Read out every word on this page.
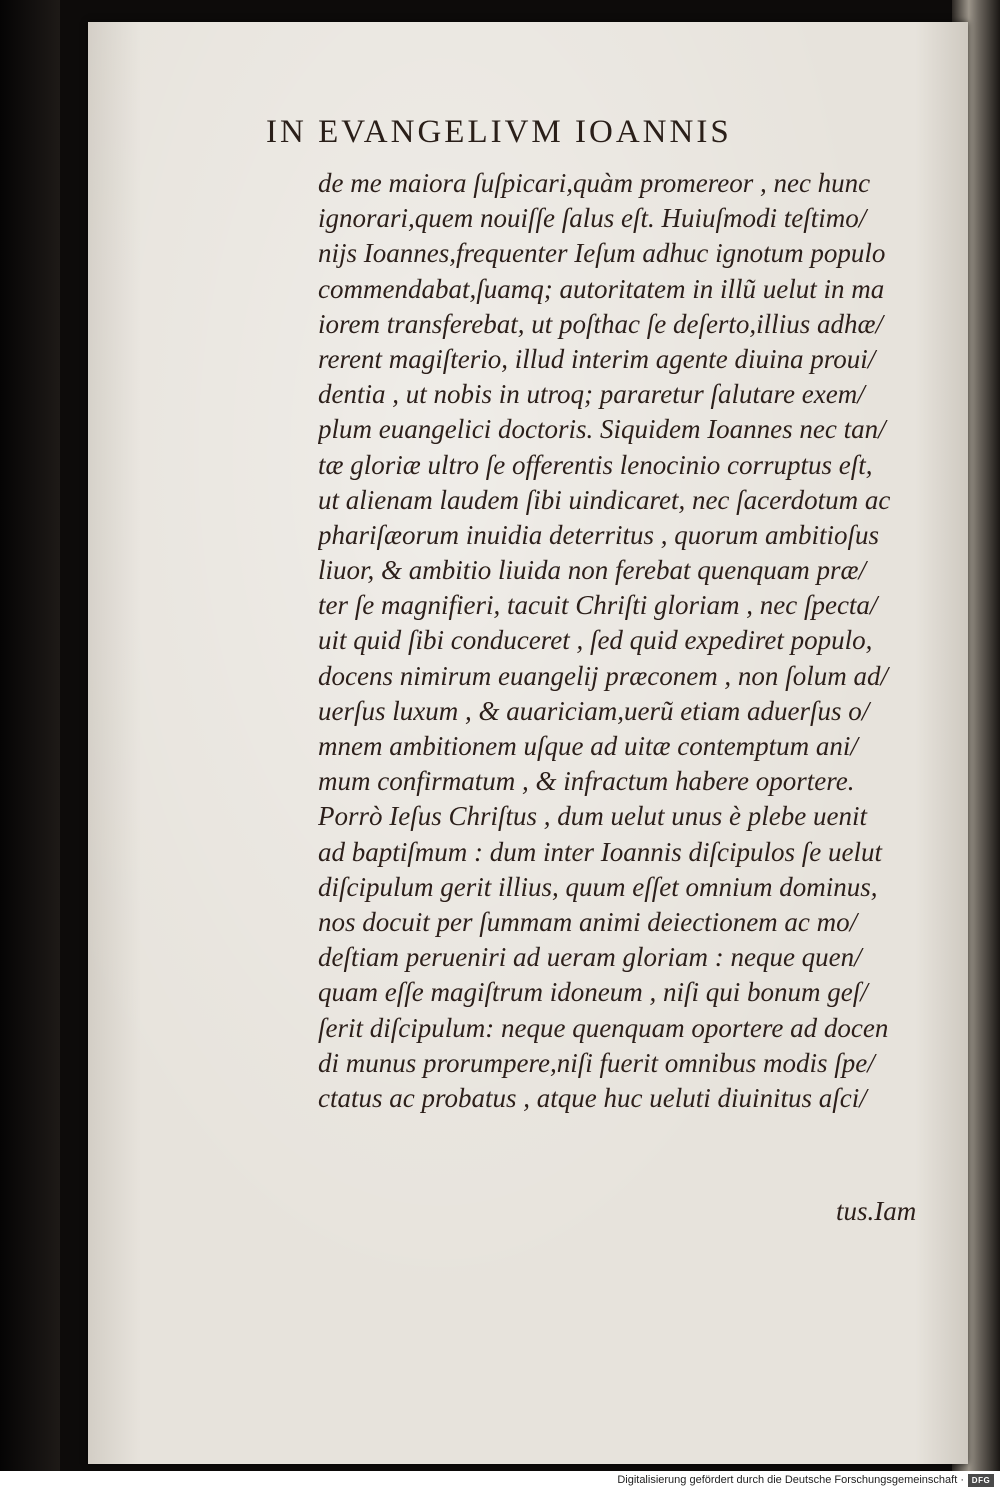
IN EVANGELIVM IOANNIS
de me maiora ſuſpicari,quàm promereor , nec hunc
ignorari,quem nouiſſe ſalus eſt. Huiuſmodi teſtimo/
nijs Ioannes,frequenter Ieſum adhuc ignotum populo
commendabat,ſuamq; autoritatem in illũ uelut in ma
iorem transferebat, ut poſthac ſe deſerto,illius adhæ/
rerent magiſterio, illud interim agente diuina proui/
dentia , ut nobis in utroq; pararetur ſalutare exem/
plum euangelici doctoris. Siquidem Ioannes nec tan/
tæ gloriæ ultro ſe offerentis lenocinio corruptus eſt,
ut alienam laudem ſibi uindicaret, nec ſacerdotum ac
phariſæorum inuidia deterritus , quorum ambitioſus
liuor, & ambitio liuida non ferebat quenquam præ/
ter ſe magnifieri, tacuit Chriſti gloriam , nec ſpecta/
uit quid ſibi conduceret , ſed quid expediret populo,
docens nimirum euangelij præconem , non ſolum ad/
uerſus luxum , & auariciam,uerũ etiam aduerſus o/
mnem ambitionem uſque ad uitæ contemptum ani/
mum confirmatum , & infractum habere oportere.
Porrò Ieſus Chriſtus , dum uelut unus è plebe uenit
ad baptiſmum : dum inter Ioannis diſcipulos ſe uelut
diſcipulum gerit illius, quum eſſet omnium dominus,
nos docuit per ſummam animi deiectionem ac mo/
deſtiam perueniri ad ueram gloriam : neque quen/
quam eſſe magiſtrum idoneum , niſi qui bonum geſ/
ſerit diſcipulum: neque quenquam oportere ad docen
di munus prorumpere,niſi fuerit omnibus modis ſpe/
ctatus ac probatus , atque huc ueluti diuinitus aſci/

tus.Iam

Digitalisierung gefördert durch die Deutsche Forschungsgemeinschaft · DFG
